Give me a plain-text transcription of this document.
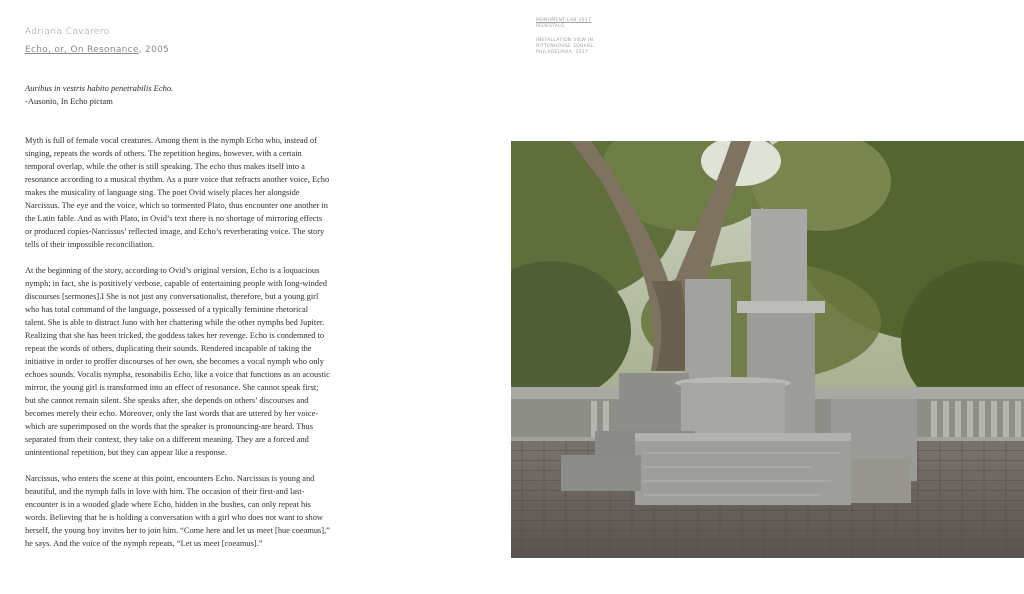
Adriana Cavarero
Echo, or, On Resonance, 2005
MONUMENT LAB 2017
PEDESTALS
INSTALLATION VIEW IN
RITTENHOUSE SQUARE,
PHILADELPHIA, 2017
Auribus in vestris habito penetrabilis Echo.
-Ausonio, In Echo pictam

Myth is full of female vocal creatures. Among them is the nymph Echo who, instead of singing, repeats the words of others. The repetition begins, however, with a certain temporal overlap, while the other is still speaking. The echo thus makes itself into a resonance according to a musical rhythm. As a pure voice that refracts another voice, Echo makes the musicality of language sing. The poet Ovid wisely places her alongside Narcissus. The eye and the voice, which so tormented Plato, thus encounter one another in the Latin fable. And as with Plato, in Ovid’s text there is no shortage of mirroring effects or produced copies-Narcissus’ reflected image, and Echo’s reverberating voice. The story tells of their impossible reconciliation.

At the beginning of the story, according to Ovid’s original version, Echo is a loquacious nymph; in fact, she is positively verbose, capable of entertaining people with long-winded discourses [sermones].I She is not just any conversationalist, therefore, but a young girl who has total command of the language, possessed of a typically feminine rhetorical talent. She is able to distract Juno with her chattering while the other nymphs bed Jupiter. Realizing that she has been tricked, the goddess takes her revenge. Echo is condemned to repeat the words of others, duplicating their sounds. Rendered incapable of taking the initiative in order to proffer discourses of her own, she becomes a vocal nymph who only echoes sounds. Vocalis nympha, resonabilis Echo, like a voice that functions as an acoustic mirror, the young girl is transformed into an effect of resonance. She cannot speak first; but she cannot remain silent. She speaks after, she depends on others’ discourses and becomes merely their echo. Moreover, only the last words that are uttered by her voice-which are superimposed on the words that the speaker is pronouncing-are heard. Thus separated from their context, they take on a different meaning. They are a forced and unintentional repetition, but they can appear like a response.

Narcissus, who enters the scene at this point, encounters Echo. Narcissus is young and beautiful, and the nymph falls in love with him. The occasion of their first-and last-encounter is in a wooded glade where Echo, hidden in the bushes, can only repeat his words. Believing that he is holding a conversation with a girl who does not want to show herself, the young boy invites her to join him. “Come here and let us meet [hue coeamus],” he says. And the voice of the nymph repeats, “Let us meet [coeamus].”
